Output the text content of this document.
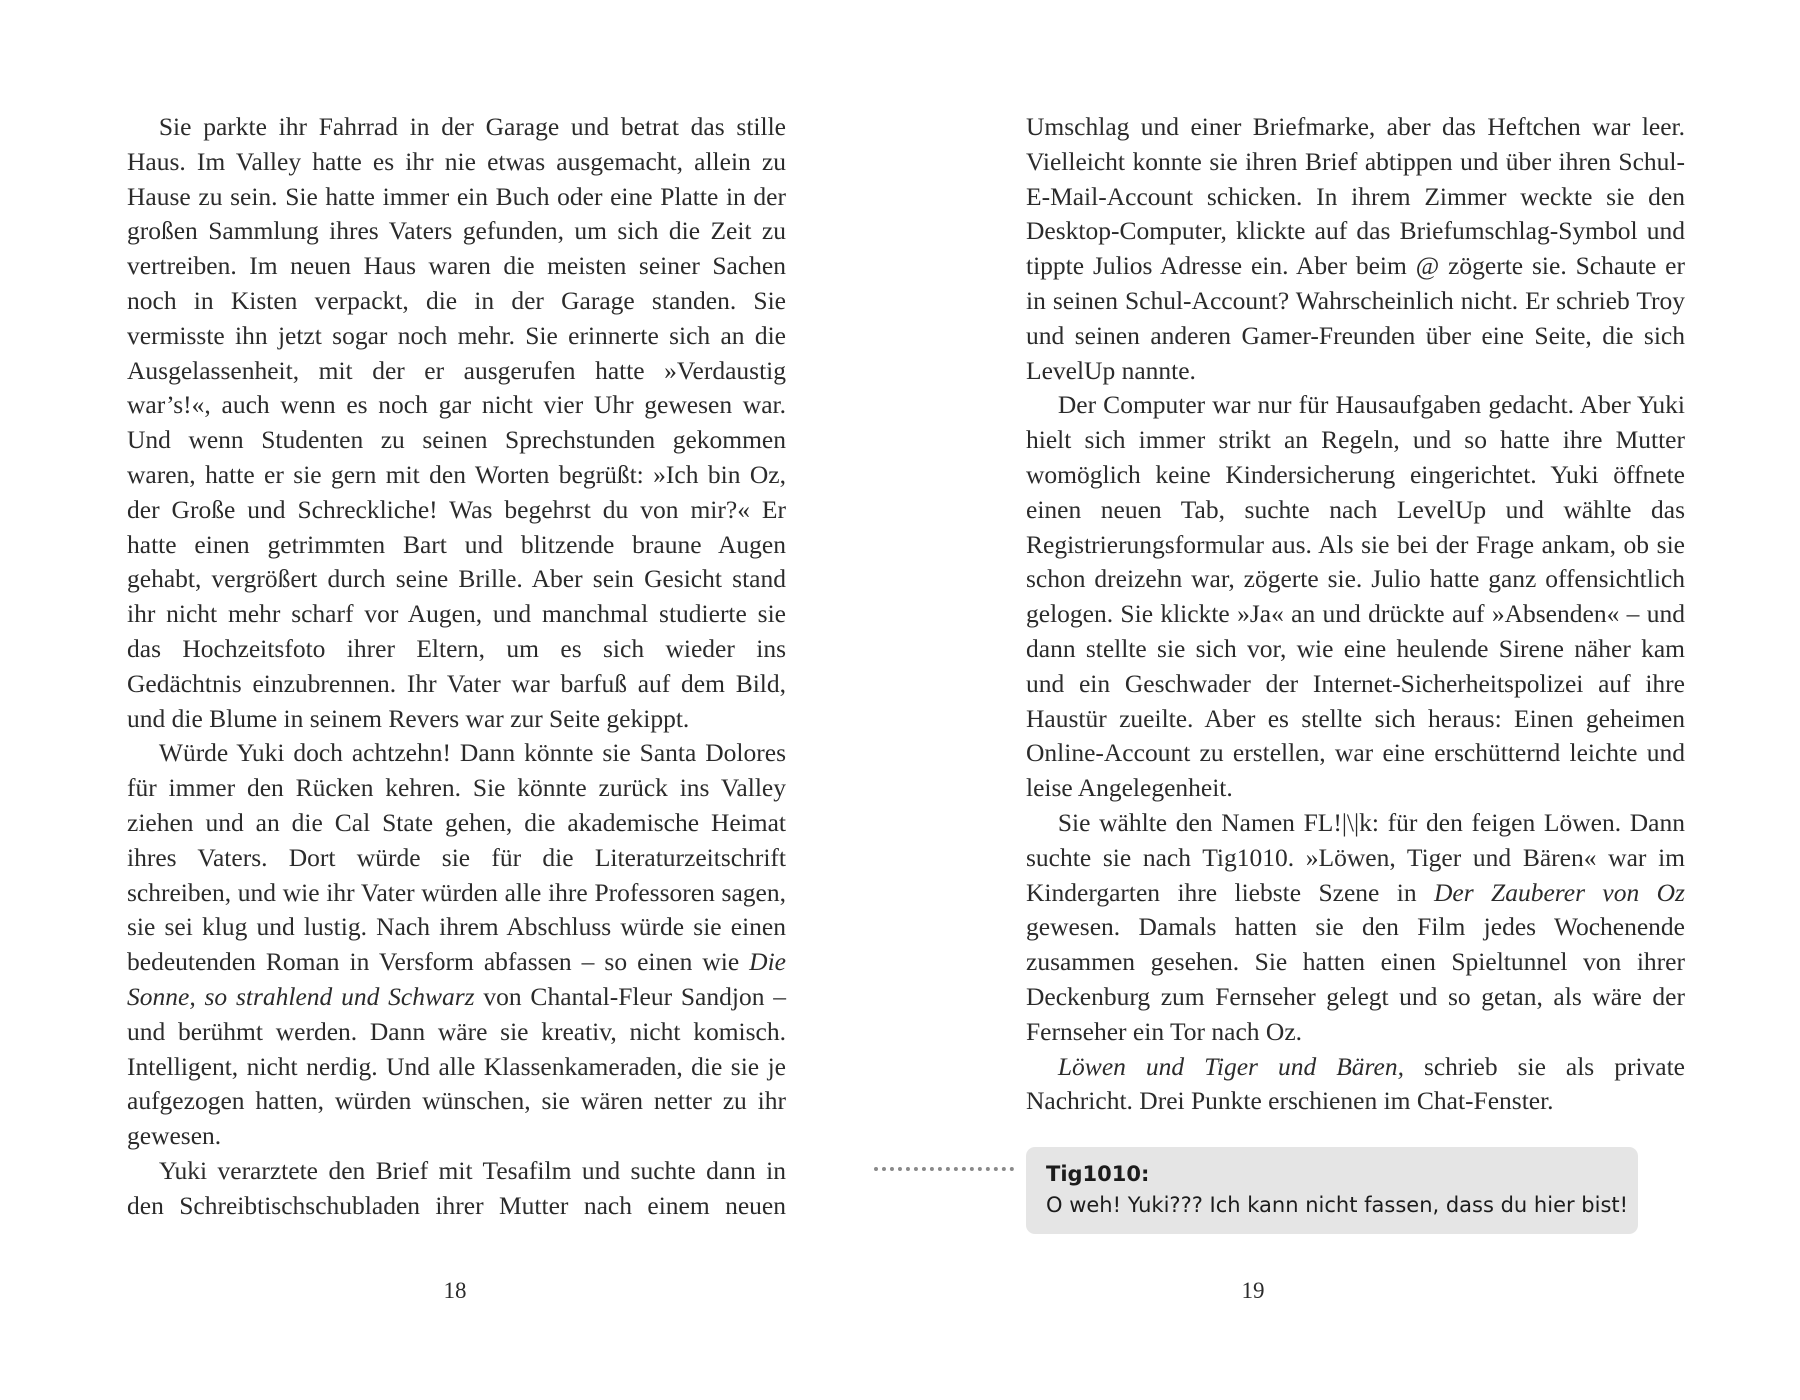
Sie parkte ihr Fahrrad in der Garage und betrat das stille Haus. Im Valley hatte es ihr nie etwas ausgemacht, allein zu Hause zu sein. Sie hatte immer ein Buch oder eine Platte in der großen Sammlung ihres Vaters gefunden, um sich die Zeit zu vertreiben. Im neuen Haus waren die meisten seiner Sachen noch in Kisten verpackt, die in der Garage standen. Sie vermisste ihn jetzt sogar noch mehr. Sie erinnerte sich an die Ausgelassenheit, mit der er ausgerufen hatte »Verdaustig war’s!«, auch wenn es noch gar nicht vier Uhr gewesen war. Und wenn Studenten zu seinen Sprechstunden gekommen waren, hatte er sie gern mit den Worten begrüßt: »Ich bin Oz, der Große und Schreckliche! Was begehrst du von mir?« Er hatte einen getrimmten Bart und blitzende braune Augen gehabt, vergrößert durch seine Brille. Aber sein Gesicht stand ihr nicht mehr scharf vor Augen, und manchmal studierte sie das Hochzeitsfoto ihrer Eltern, um es sich wieder ins Gedächtnis einzubrennen. Ihr Vater war barfuß auf dem Bild, und die Blume in seinem Revers war zur Seite gekippt.

Würde Yuki doch achtzehn! Dann könnte sie Santa Dolores für immer den Rücken kehren. Sie könnte zurück ins Valley ziehen und an die Cal State gehen, die akademische Heimat ihres Vaters. Dort würde sie für die Literaturzeitschrift schreiben, und wie ihr Vater würden alle ihre Professoren sagen, sie sei klug und lustig. Nach ihrem Abschluss würde sie einen bedeutenden Roman in Versform abfassen – so einen wie Die Sonne, so strahlend und Schwarz von Chantal-Fleur Sandjon – und berühmt werden. Dann wäre sie kreativ, nicht komisch. Intelligent, nicht nerdig. Und alle Klassenkameraden, die sie je aufgezogen hatten, würden wünschen, sie wären netter zu ihr gewesen.

Yuki verarztete den Brief mit Tesafilm und suchte dann in den Schreibtischschubladen ihrer Mutter nach einem neuen

18

Umschlag und einer Briefmarke, aber das Heftchen war leer. Vielleicht konnte sie ihren Brief abtippen und über ihren Schul-E-Mail-Account schicken. In ihrem Zimmer weckte sie den Desktop-Computer, klickte auf das Briefumschlag-Symbol und tippte Julios Adresse ein. Aber beim @ zögerte sie. Schaute er in seinen Schul-Account? Wahrscheinlich nicht. Er schrieb Troy und seinen anderen Gamer-Freunden über eine Seite, die sich LevelUp nannte.

Der Computer war nur für Hausaufgaben gedacht. Aber Yuki hielt sich immer strikt an Regeln, und so hatte ihre Mutter womöglich keine Kindersicherung eingerichtet. Yuki öffnete einen neuen Tab, suchte nach LevelUp und wählte das Registrierungsformular aus. Als sie bei der Frage ankam, ob sie schon dreizehn war, zögerte sie. Julio hatte ganz offensichtlich gelogen. Sie klickte »Ja« an und drückte auf »Absenden« – und dann stellte sie sich vor, wie eine heulende Sirene näher kam und ein Geschwader der Internet-Sicherheitspolizei auf ihre Haustür zueilte. Aber es stellte sich heraus: Einen geheimen Online-Account zu erstellen, war eine erschütternd leichte und leise Angelegenheit.

Sie wählte den Namen FL!|\|k: für den feigen Löwen. Dann suchte sie nach Tig1010. »Löwen, Tiger und Bären« war im Kindergarten ihre liebste Szene in Der Zauberer von Oz gewesen. Damals hatten sie den Film jedes Wochenende zusammen gesehen. Sie hatten einen Spieltunnel von ihrer Deckenburg zum Fernseher gelegt und so getan, als wäre der Fernseher ein Tor nach Oz.

Löwen und Tiger und Bären, schrieb sie als private Nachricht. Drei Punkte erschienen im Chat-Fenster.

Tig1010:
O weh! Yuki??? Ich kann nicht fassen, dass du hier bist!
19
